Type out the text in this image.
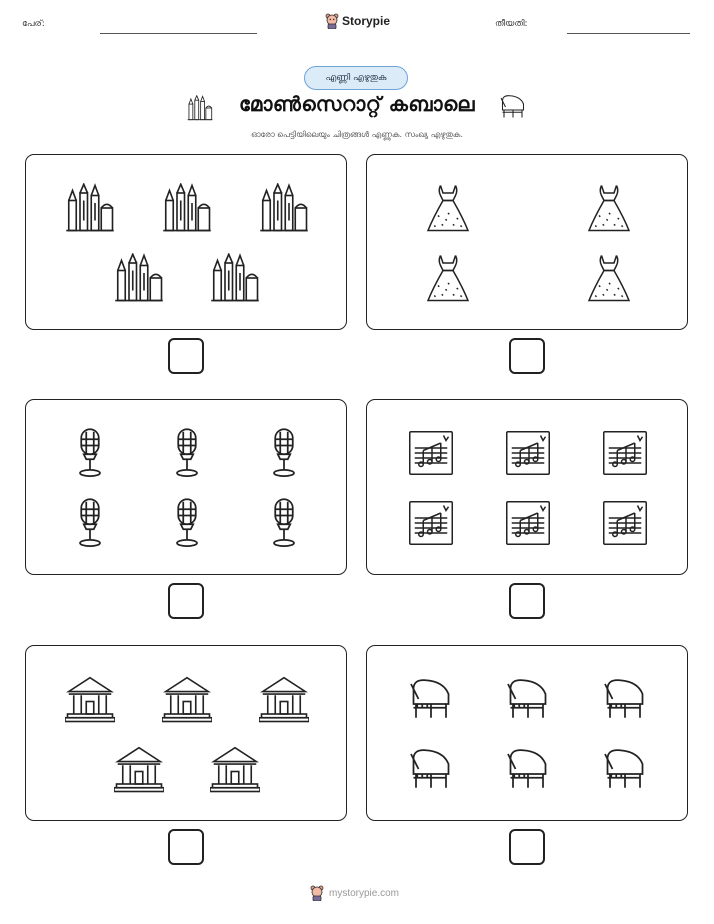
പേര്:	Storypie	തീയതി:
എണ്ണി എഴുതുക
മോൺസെറാറ്റ് കബാലെ
ഓരോ പെട്ടിയിലെയും ചിത്രങ്ങൾ എണ്ണുക. സംഖ്യ എഴുതുക.
mystorypie.com
